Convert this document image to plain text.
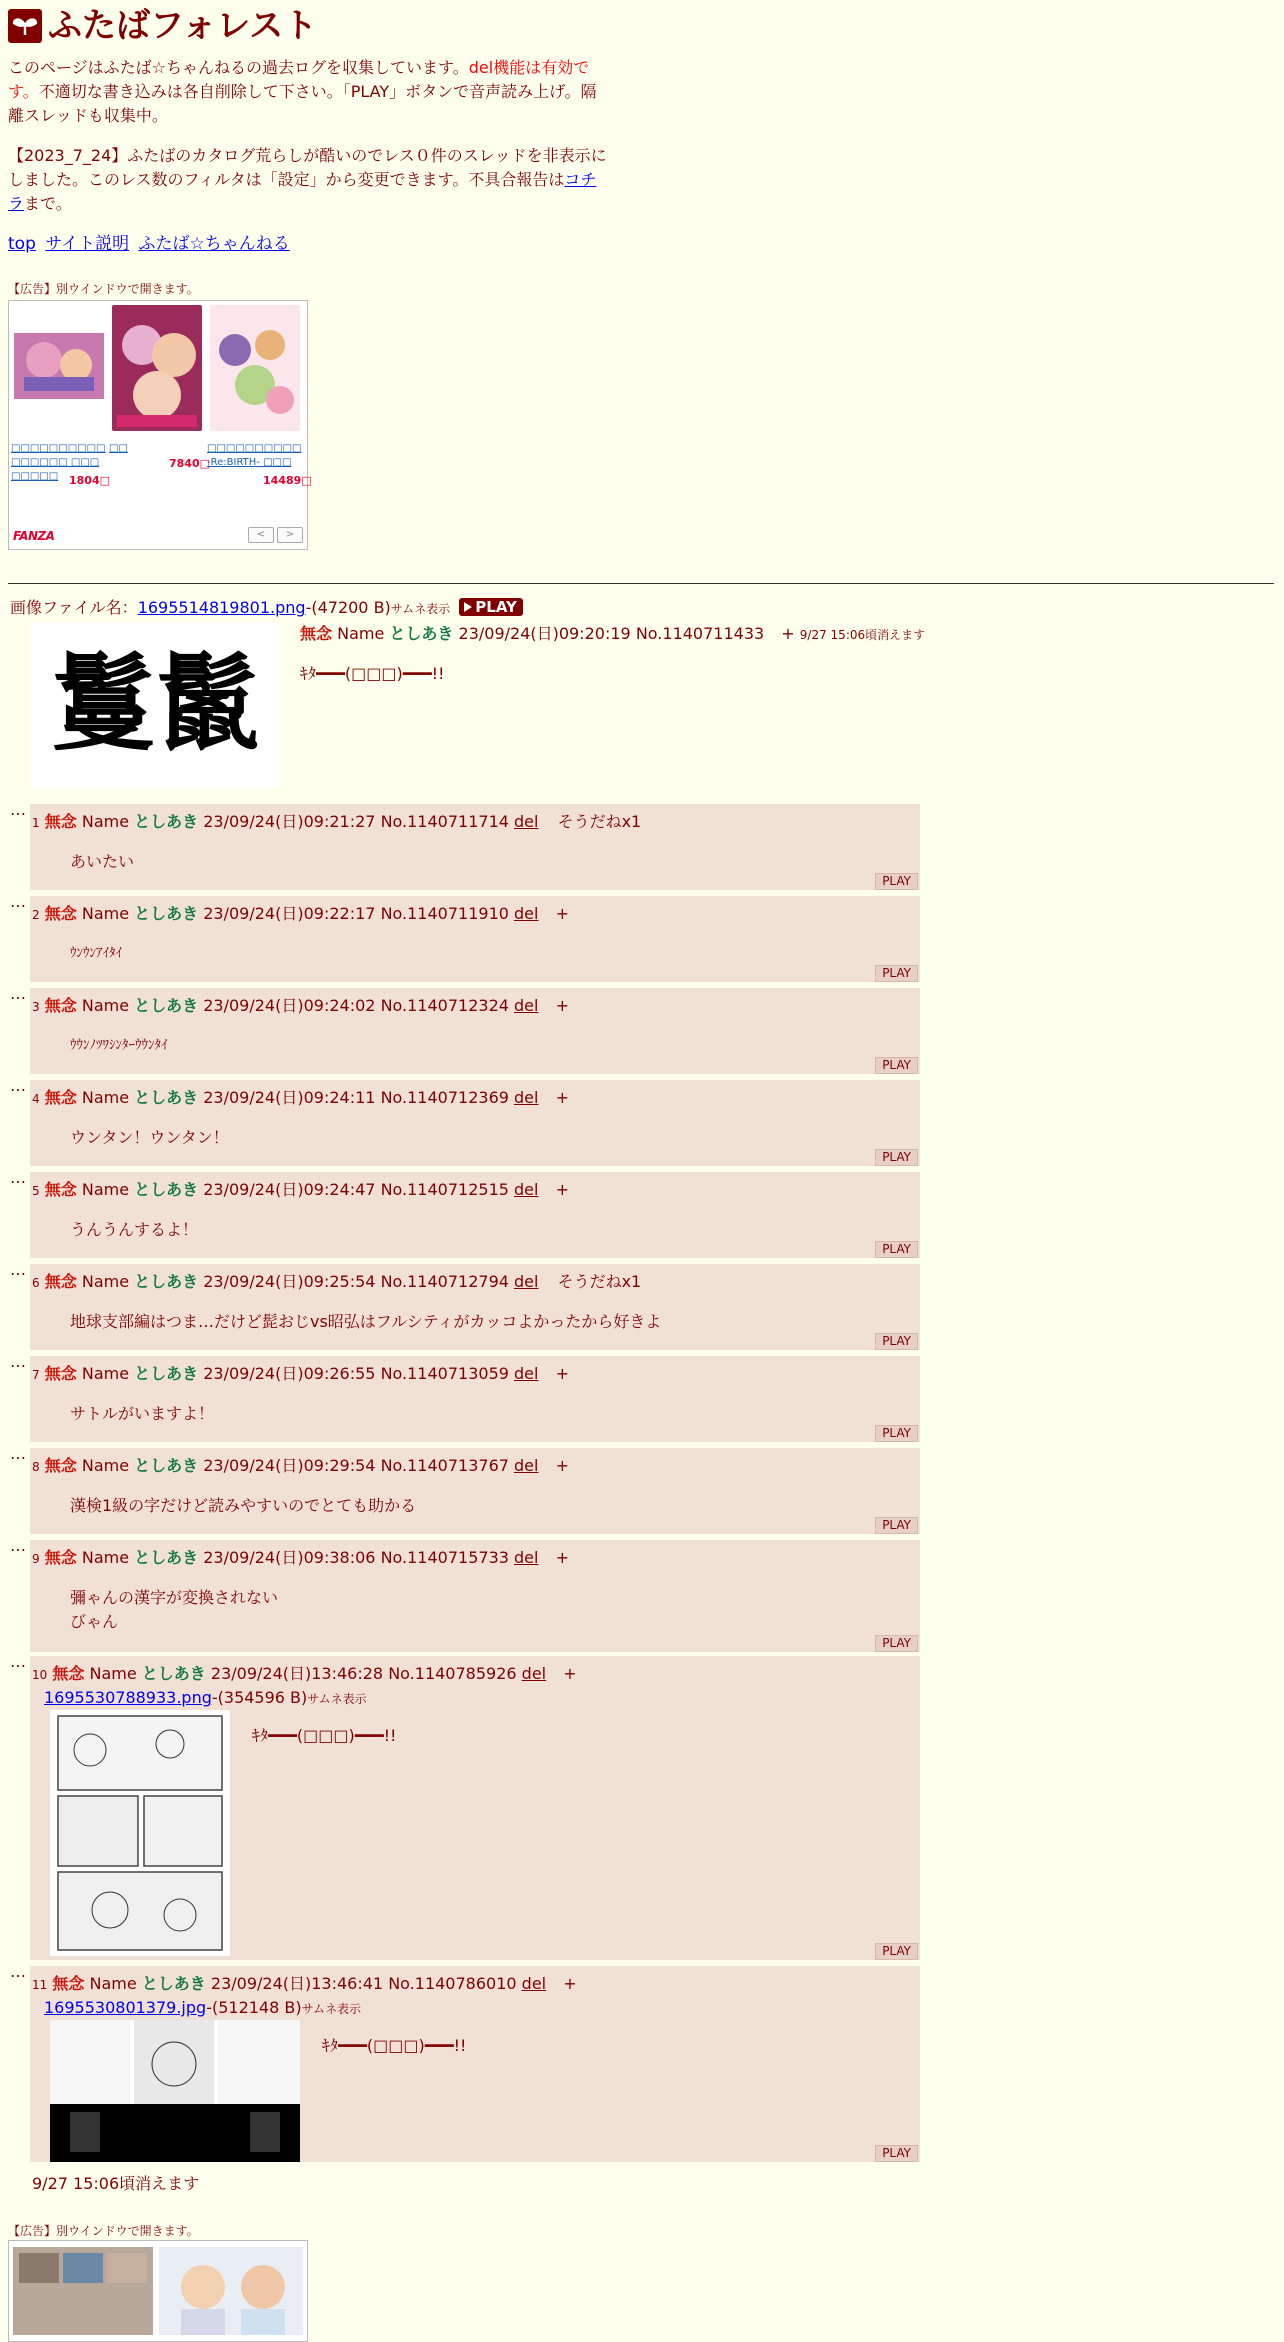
ふたばフォレスト

このページはふたば☆ちゃんねるの過去ログを収集しています。del機能は有効です。不適切な書き込みは各自削除して下さい。「PLAY」ボタンで音声読み上げ。隔離スレッドも収集中。

【2023_7_24】ふたばのカタログ荒らしが酷いのでレス０件のスレッドを非表示にしました。このレス数のフィルタは「設定」から変更できます。不具合報告はコチラまで。

top サイト説明 ふたば☆ちゃんねる
【広告】別ウインドウで開きます。
□□□□□□□□□□□□□□□□ □□□□□□□□ 1804□
□□
7840□
□□□□□□□□□□-Re:BIRTH- □□□
14489□
FANZA	<	>
画像ファイル名：1695514819801.png-(47200 B)サムネ表示 PLAY
鬘鬛
無念 Name としあき 23/09/24(日)09:20:19 No.1140711433 + 9/27 15:06頃消えます
ｷﾀ━━━(□□□)━━━!!
…
1 無念 Name としあき 23/09/24(日)09:21:27 No.1140711714 del そうだねx1
あいたい
PLAY
…
2 無念 Name としあき 23/09/24(日)09:22:17 No.1140711910 del +
ｳﾝｳﾝｱｲﾀｲ
PLAY
…
3 無念 Name としあき 23/09/24(日)09:24:02 No.1140712324 del +
ｳｳﾝﾉﾂﾜｼﾝﾀｰｳｳﾝﾀｲ
PLAY
…
4 無念 Name としあき 23/09/24(日)09:24:11 No.1140712369 del +
ウンタン！ウンタン！
PLAY
…
5 無念 Name としあき 23/09/24(日)09:24:47 No.1140712515 del +
うんうんするよ！
PLAY
…
6 無念 Name としあき 23/09/24(日)09:25:54 No.1140712794 del そうだねx1
地球支部編はつま…だけど髭おじvs昭弘はフルシティがカッコよかったから好きよ
PLAY
…
7 無念 Name としあき 23/09/24(日)09:26:55 No.1140713059 del +
サトルがいますよ！
PLAY
…
8 無念 Name としあき 23/09/24(日)09:29:54 No.1140713767 del +
漢検1級の字だけど読みやすいのでとても助かる
PLAY
…
9 無念 Name としあき 23/09/24(日)09:38:06 No.1140715733 del +
彌ゃんの漢字が変換されない
びゃん
PLAY
…
10 無念 Name としあき 23/09/24(日)13:46:28 No.1140785926 del +
1695530788933.png-(354596 B)サムネ表示
ｷﾀ━━━(□□□)━━━!!
PLAY
…
11 無念 Name としあき 23/09/24(日)13:46:41 No.1140786010 del +
1695530801379.jpg-(512148 B)サムネ表示
ｷﾀ━━━(□□□)━━━!!
PLAY
9/27 15:06頃消えます
【広告】別ウインドウで開きます。
